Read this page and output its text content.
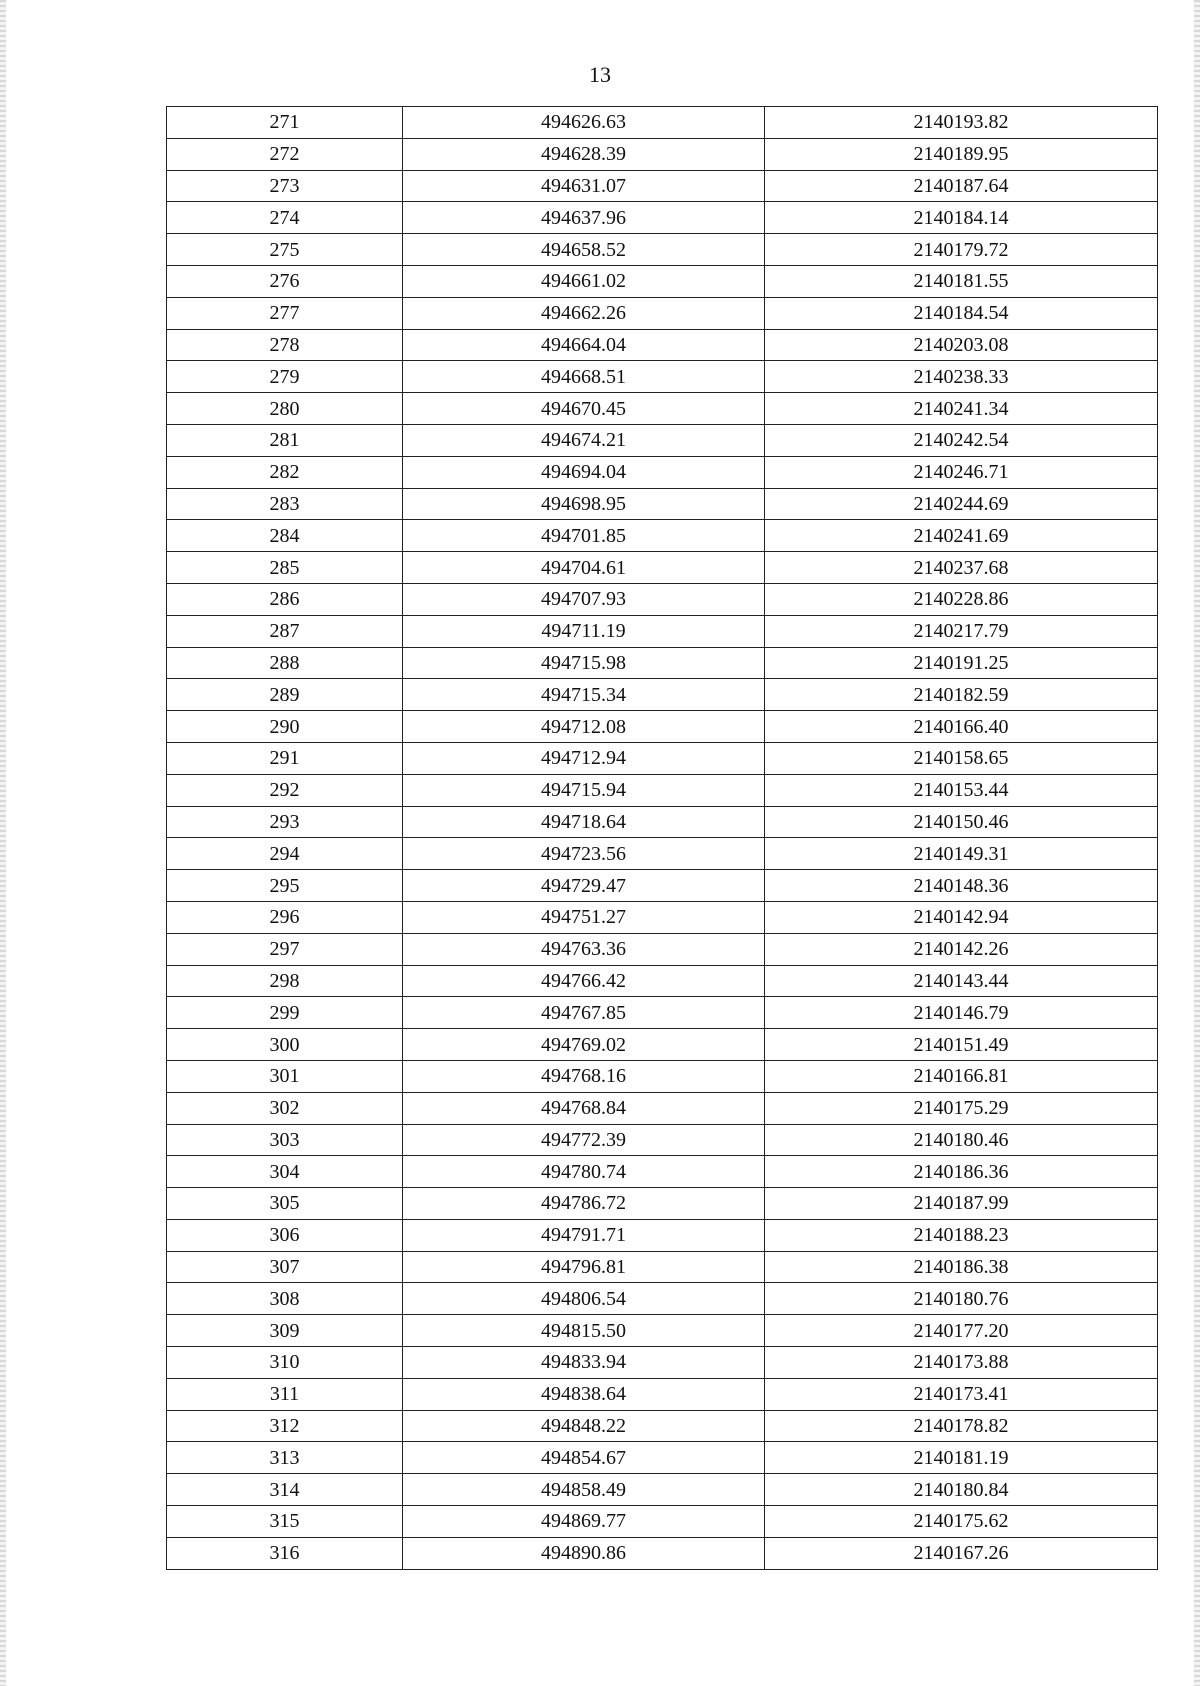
13
271	494626.63	2140193.82
272	494628.39	2140189.95
273	494631.07	2140187.64
274	494637.96	2140184.14
275	494658.52	2140179.72
276	494661.02	2140181.55
277	494662.26	2140184.54
278	494664.04	2140203.08
279	494668.51	2140238.33
280	494670.45	2140241.34
281	494674.21	2140242.54
282	494694.04	2140246.71
283	494698.95	2140244.69
284	494701.85	2140241.69
285	494704.61	2140237.68
286	494707.93	2140228.86
287	494711.19	2140217.79
288	494715.98	2140191.25
289	494715.34	2140182.59
290	494712.08	2140166.40
291	494712.94	2140158.65
292	494715.94	2140153.44
293	494718.64	2140150.46
294	494723.56	2140149.31
295	494729.47	2140148.36
296	494751.27	2140142.94
297	494763.36	2140142.26
298	494766.42	2140143.44
299	494767.85	2140146.79
300	494769.02	2140151.49
301	494768.16	2140166.81
302	494768.84	2140175.29
303	494772.39	2140180.46
304	494780.74	2140186.36
305	494786.72	2140187.99
306	494791.71	2140188.23
307	494796.81	2140186.38
308	494806.54	2140180.76
309	494815.50	2140177.20
310	494833.94	2140173.88
311	494838.64	2140173.41
312	494848.22	2140178.82
313	494854.67	2140181.19
314	494858.49	2140180.84
315	494869.77	2140175.62
316	494890.86	2140167.26
